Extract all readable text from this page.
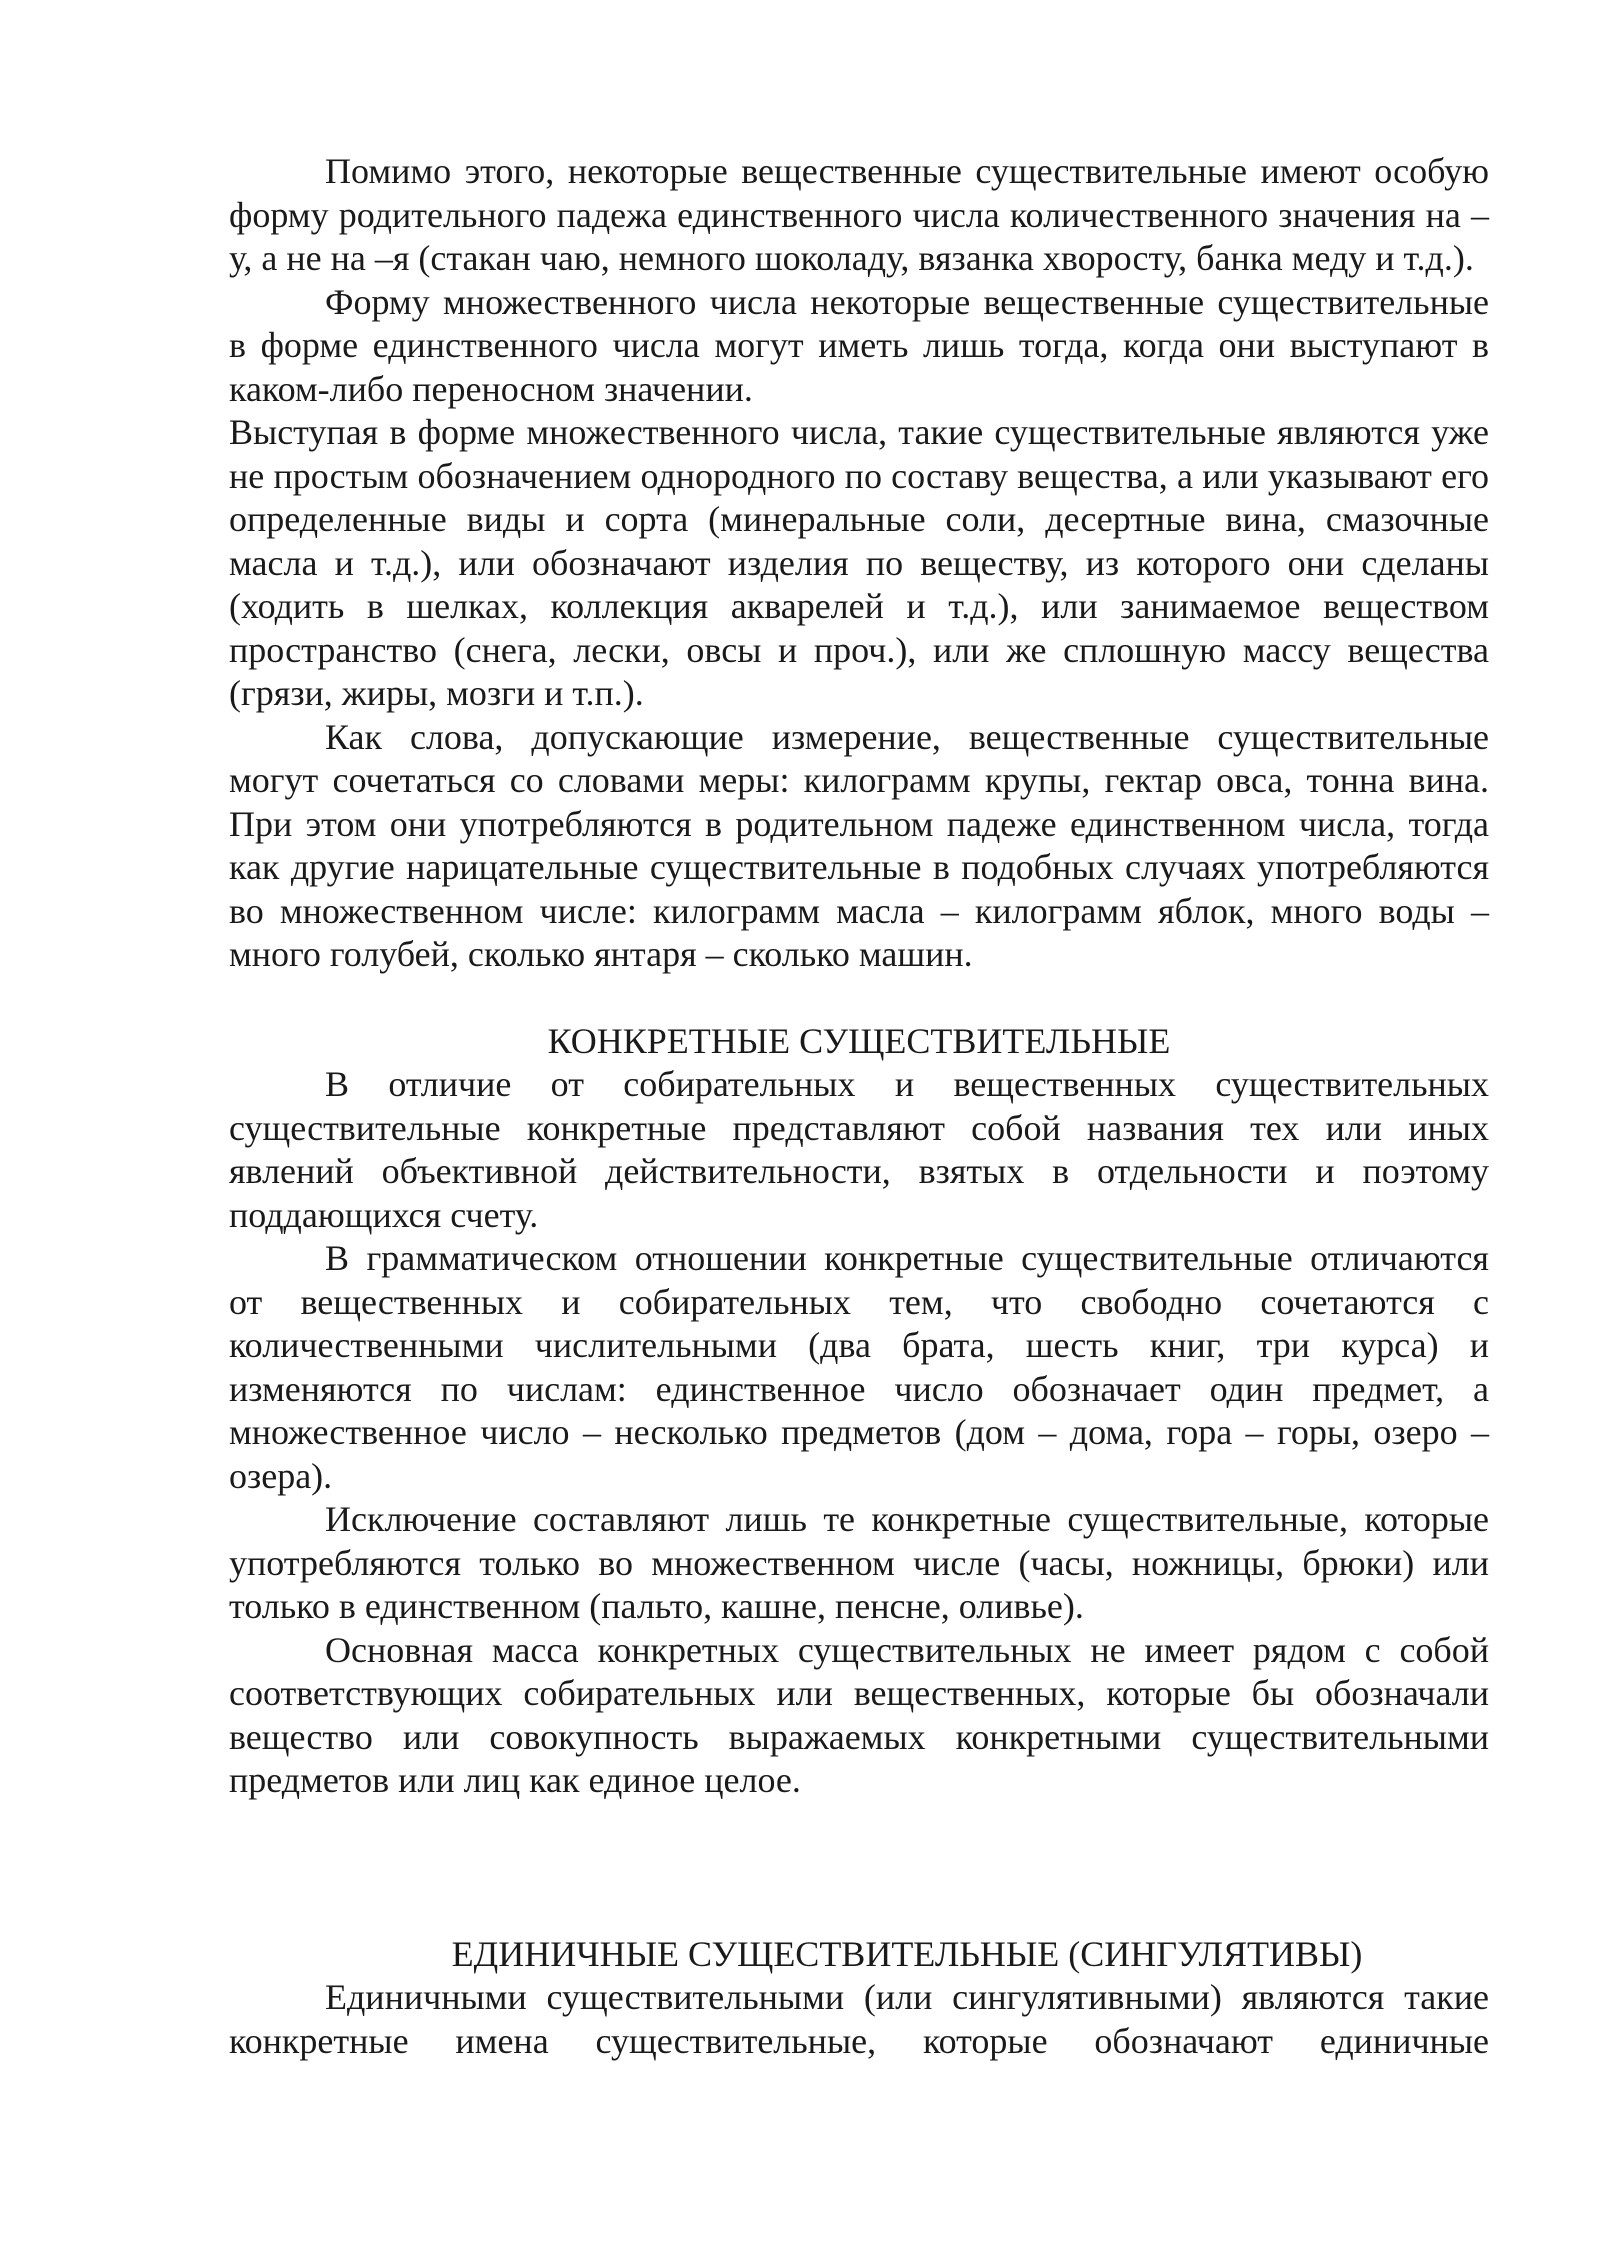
Помимо этого, некоторые вещественные существительные имеют особую форму родительного падежа единственного числа количественного значения на –у, а не на –я (стакан чаю, немного шоколаду, вязанка хворосту, банка меду и т.д.).

Форму множественного числа некоторые вещественные существительные в форме единственного числа могут иметь лишь тогда, когда они выступают в каком-либо переносном значении.

Выступая в форме множественного числа, такие существительные являются уже не простым обозначением однородного по составу вещества, а или указывают его определенные виды и сорта (минеральные соли, десертные вина, смазочные масла и т.д.), или обозначают изделия по веществу, из которого они сделаны (ходить в шелках, коллекция акварелей и т.д.), или занимаемое веществом пространство (снега, лески, овсы и проч.), или же сплошную массу вещества (грязи, жиры, мозги и т.п.).

Как слова, допускающие измерение, вещественные существительные могут сочетаться со словами меры: килограмм крупы, гектар овса, тонна вина. При этом они употребляются в родительном падеже единственном числа, тогда как другие нарицательные существительные в подобных случаях употребляются во множественном числе: килограмм масла – килограмм яблок, много воды – много голубей, сколько янтаря – сколько машин.

КОНКРЕТНЫЕ СУЩЕСТВИТЕЛЬНЫЕ

В отличие от собирательных и вещественных существительных существительные конкретные представляют собой названия тех или иных явлений объективной действительности, взятых в отдельности и поэтому поддающихся счету.

В грамматическом отношении конкретные существительные отличаются от вещественных и собирательных тем, что свободно сочетаются с количественными числительными (два брата, шесть книг, три курса) и изменяются по числам: единственное число обозначает один предмет, а множественное число – несколько предметов (дом – дома, гора – горы, озеро – озера).

Исключение составляют лишь те конкретные существительные, которые употребляются только во множественном числе (часы, ножницы, брюки) или только в единственном (пальто, кашне, пенсне, оливье).

Основная масса конкретных существительных не имеет рядом с собой соответствующих собирательных или вещественных, которые бы обозначали вещество или совокупность выражаемых конкретными существительными предметов или лиц как единое целое.

ЕДИНИЧНЫЕ СУЩЕСТВИТЕЛЬНЫЕ (СИНГУЛЯТИВЫ)

Единичными существительными (или сингулятивными) являются такие конкретные имена существительные, которые обозначают единичные
